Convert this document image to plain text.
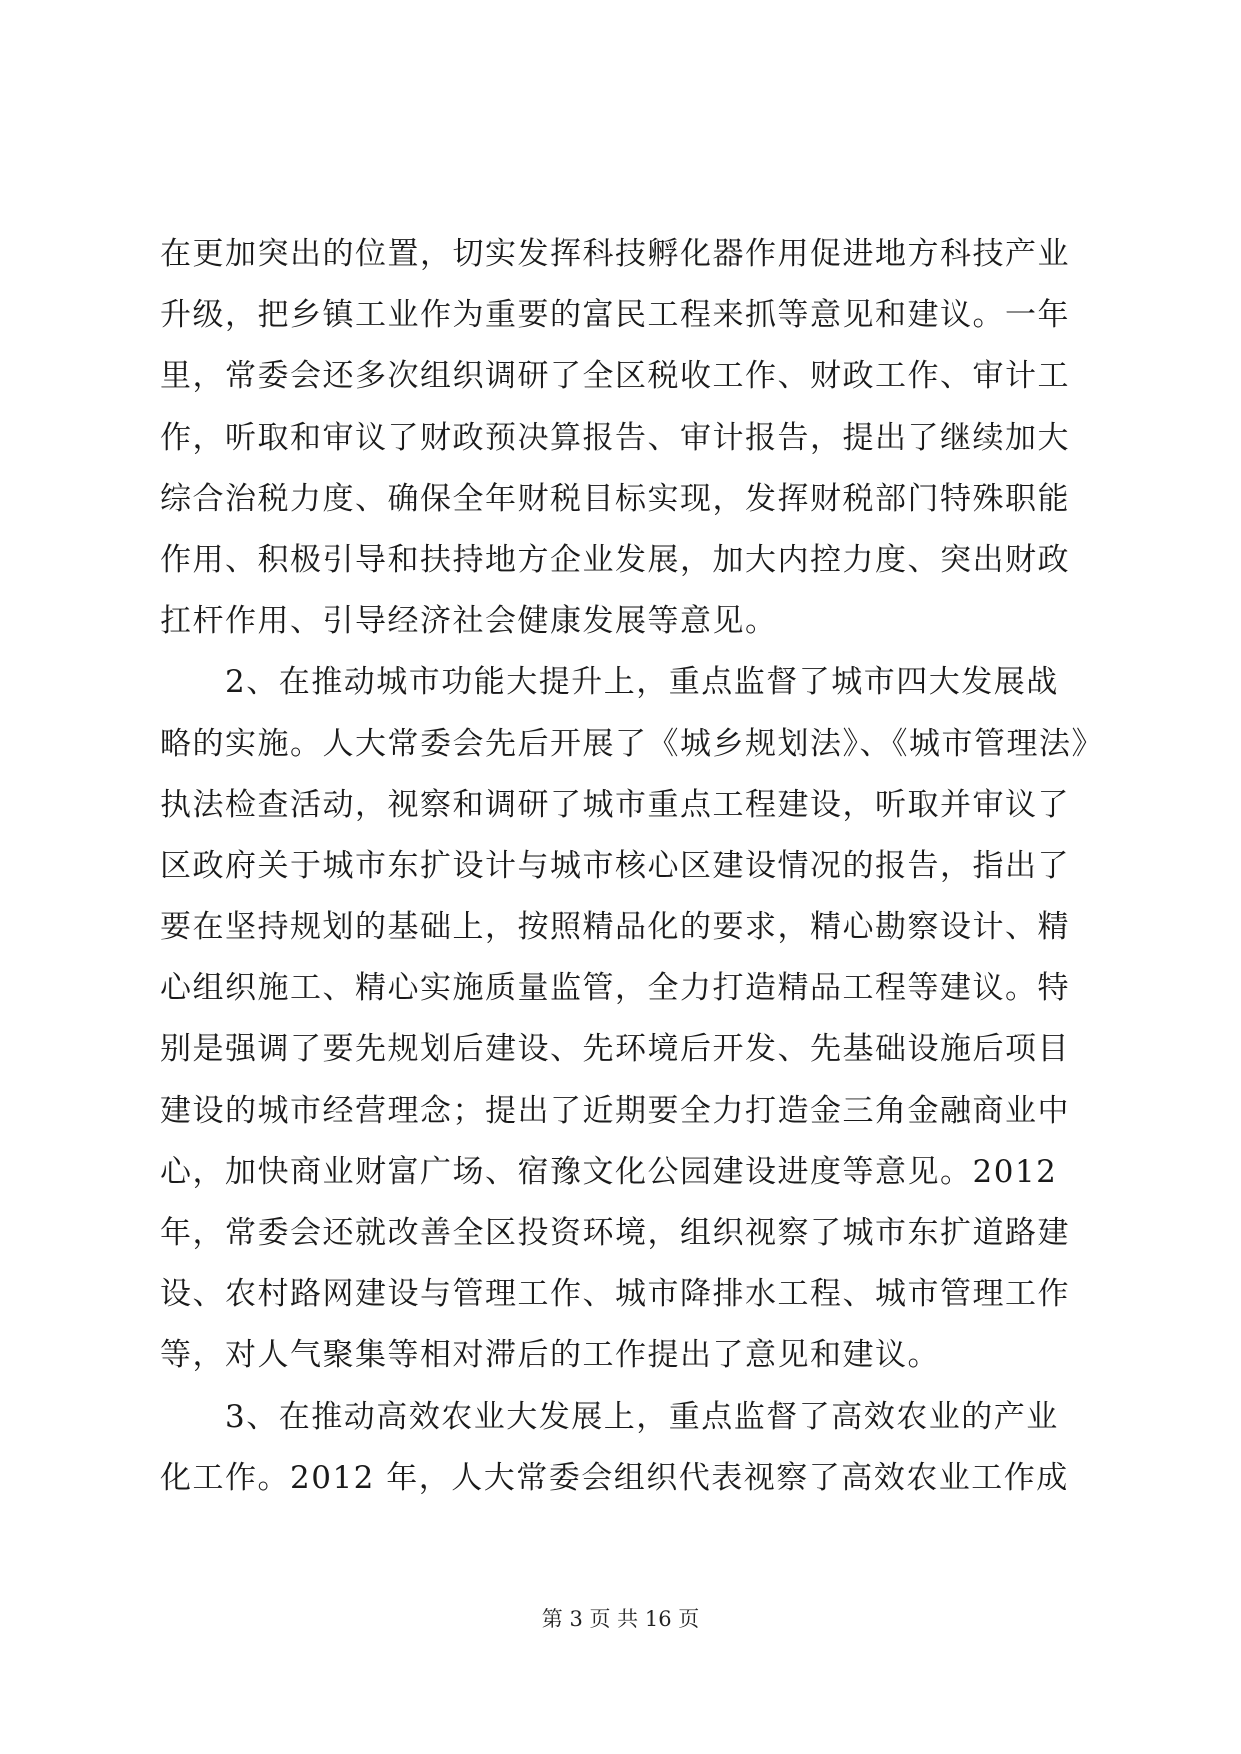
在更加突出的位置，切实发挥科技孵化器作用促进地方科技产业
升级，把乡镇工业作为重要的富民工程来抓等意见和建议。一年
里，常委会还多次组织调研了全区税收工作、财政工作、审计工
作，听取和审议了财政预决算报告、审计报告，提出了继续加大
综合治税力度、确保全年财税目标实现，发挥财税部门特殊职能
作用、积极引导和扶持地方企业发展，加大内控力度、突出财政
扛杆作用、引导经济社会健康发展等意见。
　　2、在推动城市功能大提升上，重点监督了城市四大发展战
略的实施。人大常委会先后开展了《城乡规划法》、《城市管理法》
执法检查活动，视察和调研了城市重点工程建设，听取并审议了
区政府关于城市东扩设计与城市核心区建设情况的报告，指出了
要在坚持规划的基础上，按照精品化的要求，精心勘察设计、精
心组织施工、精心实施质量监管，全力打造精品工程等建议。特
别是强调了要先规划后建设、先环境后开发、先基础设施后项目
建设的城市经营理念；提出了近期要全力打造金三角金融商业中
心，加快商业财富广场、宿豫文化公园建设进度等意见。2012
年，常委会还就改善全区投资环境，组织视察了城市东扩道路建
设、农村路网建设与管理工作、城市降排水工程、城市管理工作
等，对人气聚集等相对滞后的工作提出了意见和建议。
　　3、在推动高效农业大发展上，重点监督了高效农业的产业
化工作。2012 年，人大常委会组织代表视察了高效农业工作成
第 3 页 共 16 页
